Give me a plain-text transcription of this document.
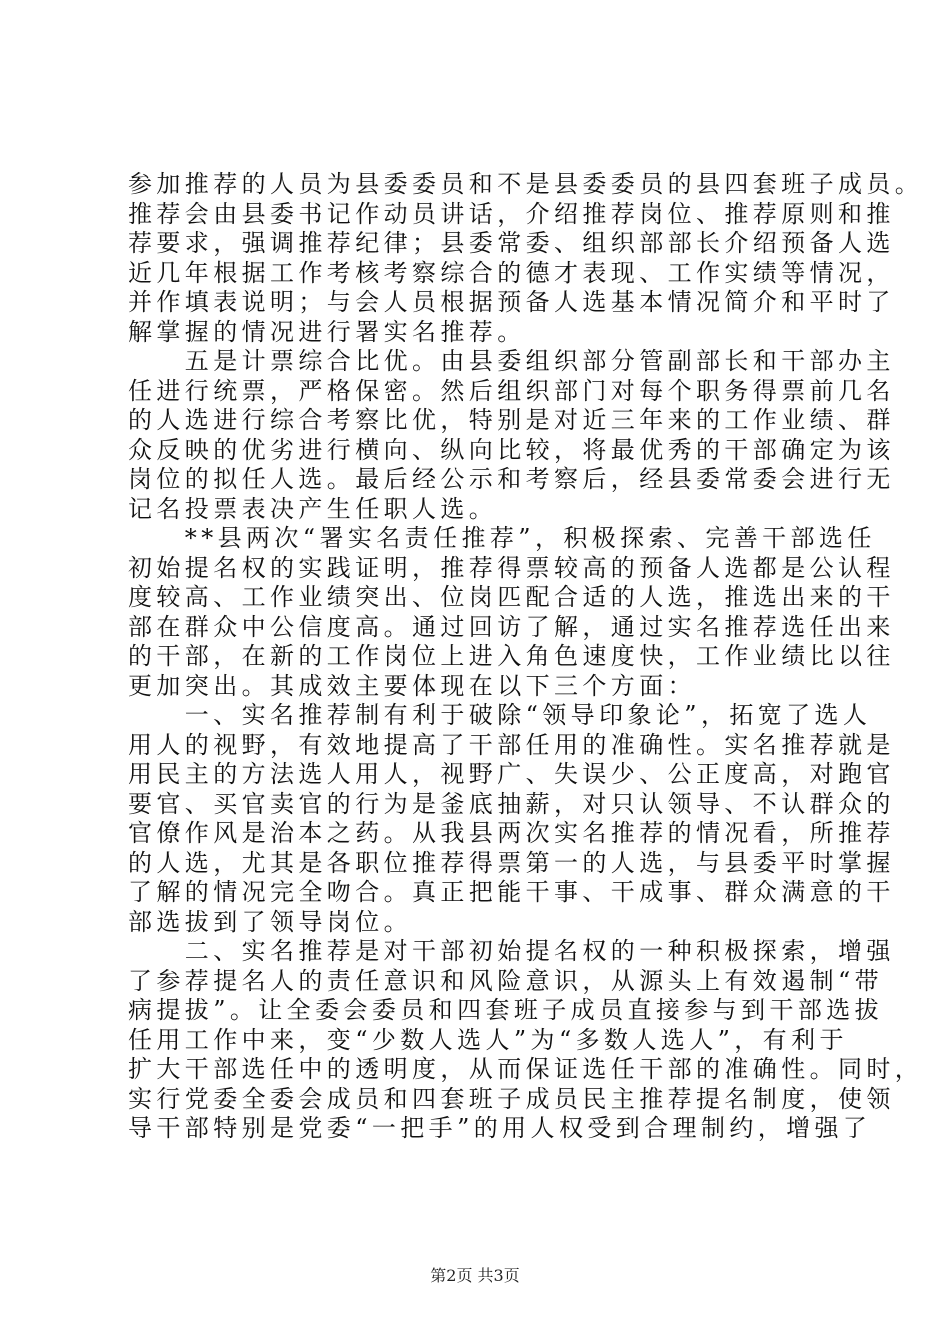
参加推荐的人员为县委委员和不是县委委员的县四套班子成员。
推荐会由县委书记作动员讲话，介绍推荐岗位、推荐原则和推
荐要求，强调推荐纪律；县委常委、组织部部长介绍预备人选
近几年根据工作考核考察综合的德才表现、工作实绩等情况，
并作填表说明；与会人员根据预备人选基本情况简介和平时了
解掌握的情况进行署实名推荐。
　　五是计票综合比优。由县委组织部分管副部长和干部办主
任进行统票，严格保密。然后组织部门对每个职务得票前几名
的人选进行综合考察比优，特别是对近三年来的工作业绩、群
众反映的优劣进行横向、纵向比较，将最优秀的干部确定为该
岗位的拟任人选。最后经公示和考察后，经县委常委会进行无
记名投票表决产生任职人选。
　　**县两次“署实名责任推荐”，积极探索、完善干部选任
初始提名权的实践证明，推荐得票较高的预备人选都是公认程
度较高、工作业绩突出、位岗匹配合适的人选，推选出来的干
部在群众中公信度高。通过回访了解，通过实名推荐选任出来
的干部，在新的工作岗位上进入角色速度快，工作业绩比以往
更加突出。其成效主要体现在以下三个方面：
　　一、实名推荐制有利于破除“领导印象论”，拓宽了选人
用人的视野，有效地提高了干部任用的准确性。实名推荐就是
用民主的方法选人用人，视野广、失误少、公正度高，对跑官
要官、买官卖官的行为是釜底抽薪，对只认领导、不认群众的
官僚作风是治本之药。从我县两次实名推荐的情况看，所推荐
的人选，尤其是各职位推荐得票第一的人选，与县委平时掌握
了解的情况完全吻合。真正把能干事、干成事、群众满意的干
部选拔到了领导岗位。
　　二、实名推荐是对干部初始提名权的一种积极探索，增强
了参荐提名人的责任意识和风险意识，从源头上有效遏制“带
病提拔”。让全委会委员和四套班子成员直接参与到干部选拔
任用工作中来，变“少数人选人”为“多数人选人”，有利于
扩大干部选任中的透明度，从而保证选任干部的准确性。同时，
实行党委全委会成员和四套班子成员民主推荐提名制度，使领
导干部特别是党委“一把手”的用人权受到合理制约，增强了
第2页 共3页
